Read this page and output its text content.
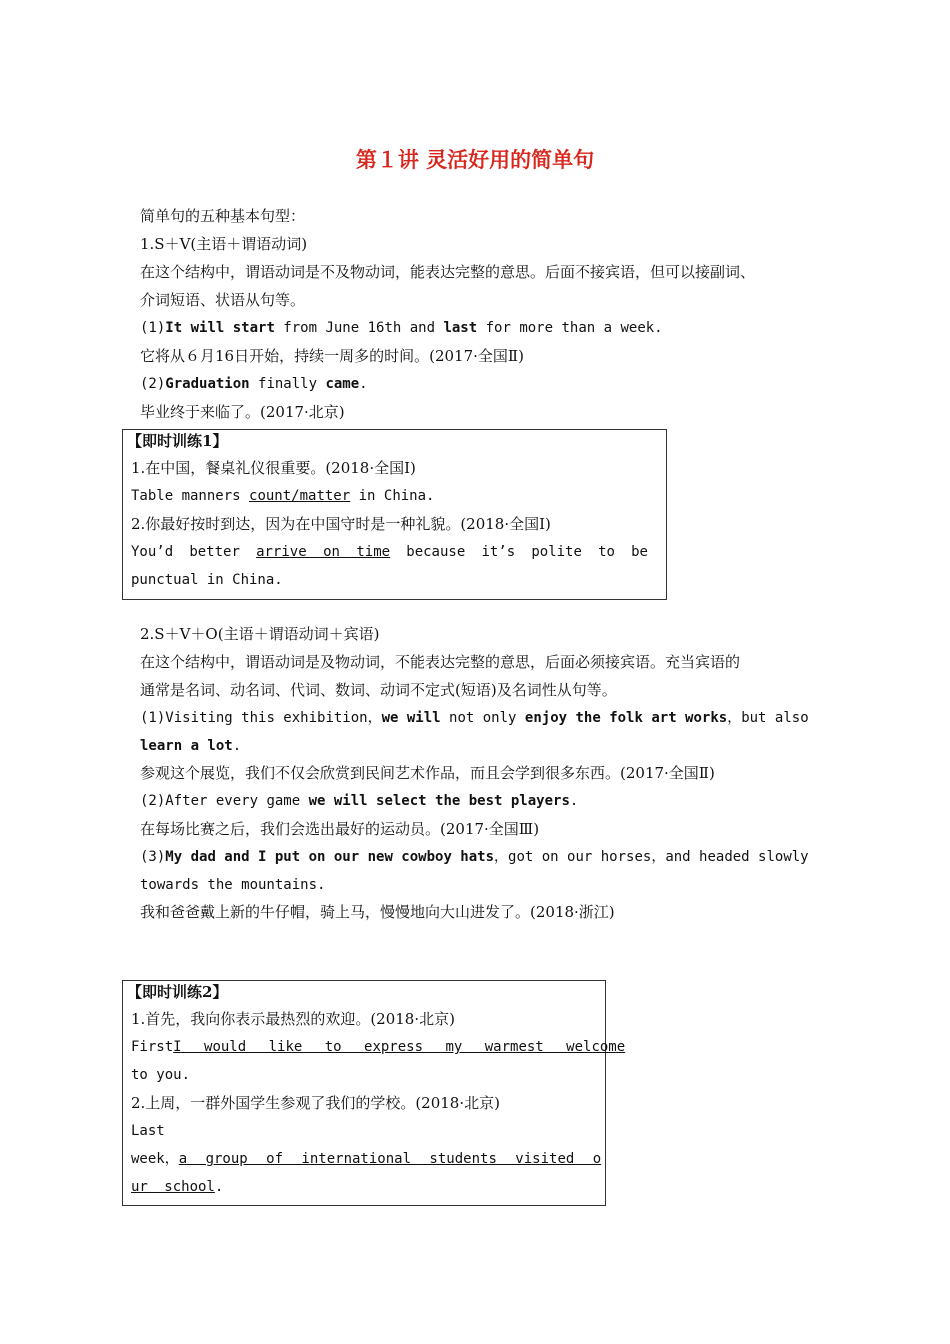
第１讲 灵活好用的简单句
简单句的五种基本句型：
1.S＋V(主语＋谓语动词)
在这个结构中，谓语动词是不及物动词，能表达完整的意思。后面不接宾语，但可以接副词、
介词短语、状语从句等。
(1)It will start from June 16th and last for more than a week.
它将从６月16日开始，持续一周多的时间。(2017·全国Ⅱ)
(2)Graduation finally came.
毕业终于来临了。(2017·北京)
【即时训练1】
1.在中国，餐桌礼仪很重要。(2018·全国Ⅰ)
Table manners count/matter in China.
2.你最好按时到达，因为在中国守时是一种礼貌。(2018·全国Ⅰ)
You’d better arrive on time because it’s polite to be
punctual in China.
2.S＋V＋O(主语＋谓语动词＋宾语)
在这个结构中，谓语动词是及物动词，不能表达完整的意思，后面必须接宾语。充当宾语的
通常是名词、动名词、代词、数词、动词不定式(短语)及名词性从句等。
(1)Visiting this exhibition，we will not only enjoy the folk art works，but also
learn a lot.
参观这个展览，我们不仅会欣赏到民间艺术作品，而且会学到很多东西。(2017·全国Ⅱ)
(2)After every game we will select the best players.
在每场比赛之后，我们会选出最好的运动员。(2017·全国Ⅲ)
(3)My dad and I put on our new cowboy hats，got on our horses，and headed slowly
towards the mountains.
我和爸爸戴上新的牛仔帽，骑上马，慢慢地向大山进发了。(2018·浙江)
【即时训练2】
1.首先，我向你表示最热烈的欢迎。(2018·北京)
First I would like to express my warmest welcome
to you.
2.上周，一群外国学生参观了我们的学校。(2018·北京)
Last
week， a group of international students visited o
ur school.
